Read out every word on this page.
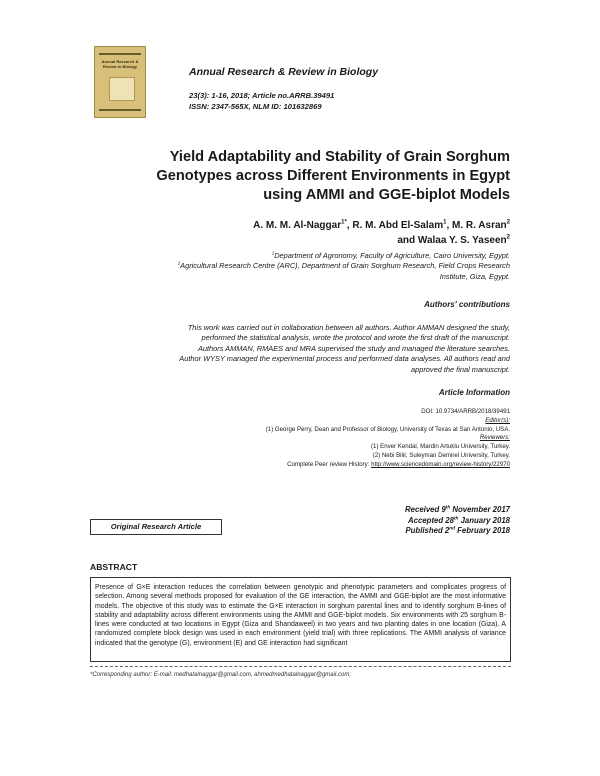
Annual Research &
Review in Biology	Annual Research & Review in Biology
23(3): 1-16, 2018; Article no.ARRB.39491
ISSN: 2347-565X, NLM ID: 101632869
Yield Adaptability and Stability of Grain Sorghum
Genotypes across Different Environments in Egypt
using AMMI and GGE-biplot Models
A. M. M. Al-Naggar$^{1*}$, R. M. Abd El-Salam$^1$, M. R. Asran$^2$
and Walaa Y. S. Yaseen$^2$
$^1$Department of Agronomy, Faculty of Agriculture, Cairo University, Egypt.
$^2$Agricultural Research Centre (ARC), Department of Grain Sorghum Research, Field Crops Research
Institute, Giza, Egypt.
Authors' contributions
This work was carried out in collaboration between all authors. Author AMMAN designed the study,
performed the statistical analysis, wrote the protocol and wrote the first draft of the manuscript.
Authors AMMAN, RMAES and MRA supervised the study and managed the literature searches.
Author WYSY managed the experimental process and performed data analyses. All authors read and
approved the final manuscript.
Article Information
DOI: 10.9734/ARRB/2018/39491
Editor(s):
(1) George Perry, Dean and Professor of Biology, University of Texas at San Antonio, USA.
Reviewers:
(1) Enver Kendal, Mardin Artuklu University, Turkey.
(2) Nebi Bilir, Suleyman Demirel University, Turkey.
Complete Peer review History: http://www.sciencedomain.org/review-history/22970
Received 9th November 2017
Accepted 28th January 2018
Published 2nd February 2018
Original Research Article
ABSTRACT

Presence of G×E interaction reduces the correlation between genotypic and phenotypic parameters and complicates progress of selection. Among several methods proposed for evaluation of the GE interaction, the AMMI and GGE-biplot are the most informative models. The objective of this study was to estimate the G×E interaction in sorghum parental lines and to identify sorghum B-lines of stability and adaptability across different environments using the AMMI and GGE-biplot models. Six environments with 25 sorghum B-lines were conducted at two locations in Egypt (Giza and Shandaweel) in two years and two planting dates in one location (Giza). A randomized complete block design was used in each environment (yield trial) with three replications. The AMMI analysis of variance indicated that the genotype (G), environment (E) and GE interaction had significant

*Corresponding author: E-mail: medhatalnaggar@gmail.com, ahmedmedhatalnaggar@gmail.com;
